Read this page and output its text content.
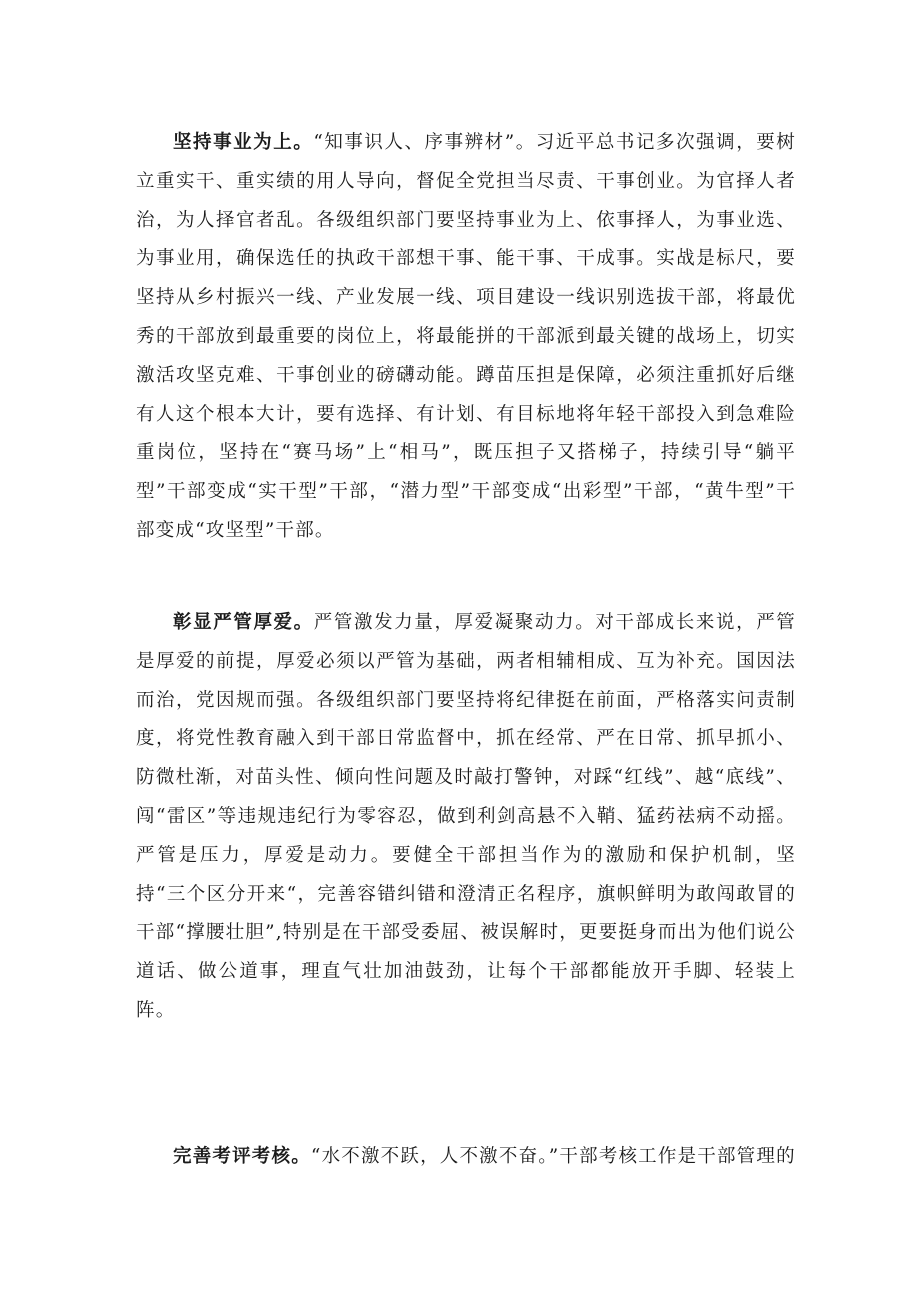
坚持事业为上。“知事识人、序事辨材”。习近平总书记多次强调，要树立重实干、重实绩的用人导向，督促全党担当尽责、干事创业。为官择人者治，为人择官者乱。各级组织部门要坚持事业为上、依事择人，为事业选、为事业用，确保选任的执政干部想干事、能干事、干成事。实战是标尺，要坚持从乡村振兴一线、产业发展一线、项目建设一线识别选拔干部，将最优秀的干部放到最重要的岗位上，将最能拼的干部派到最关键的战场上，切实激活攻坚克难、干事创业的磅礴动能。蹲苗压担是保障，必须注重抓好后继有人这个根本大计，要有选择、有计划、有目标地将年轻干部投入到急难险重岗位，坚持在“赛马场”上“相马”，既压担子又搭梯子，持续引导“躺平型”干部变成“实干型”干部，“潜力型”干部变成“出彩型”干部，“黄牛型”干部变成“攻坚型”干部。

彰显严管厚爱。严管激发力量，厚爱凝聚动力。对干部成长来说，严管是厚爱的前提，厚爱必须以严管为基础，两者相辅相成、互为补充。国因法而治，党因规而强。各级组织部门要坚持将纪律挺在前面，严格落实问责制度，将党性教育融入到干部日常监督中，抓在经常、严在日常、抓早抓小、防微杜渐，对苗头性、倾向性问题及时敲打警钟，对踩“红线”、越“底线”、闯“雷区”等违规违纪行为零容忍，做到利剑高悬不入鞘、猛药祛病不动摇。严管是压力，厚爱是动力。要健全干部担当作为的激励和保护机制，坚持“三个区分开来“，完善容错纠错和澄清正名程序，旗帜鲜明为敢闯敢冒的干部“撑腰壮胆”,特别是在干部受委屈、被误解时，更要挺身而出为他们说公道话、做公道事，理直气壮加油鼓劲，让每个干部都能放开手脚、轻装上阵。

完善考评考核。“水不激不跃，人不激不奋。”干部考核工作是干部管理的
